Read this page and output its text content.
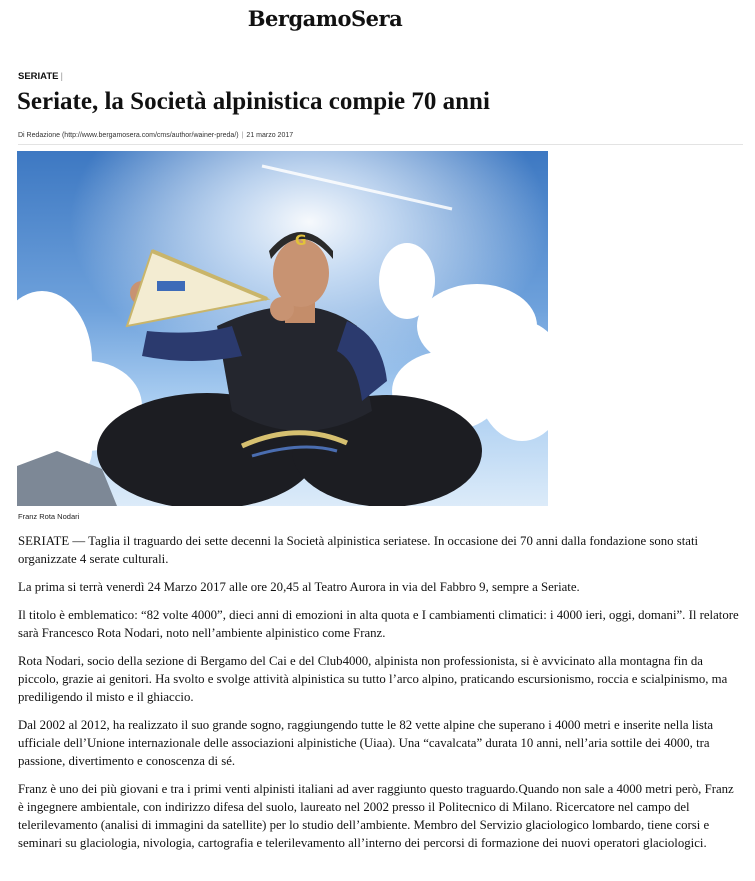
BergamoSera
SERIATE |
Seriate, la Società alpinistica compie 70 anni
Di Redazione (http://www.bergamosera.com/cms/author/wainer-preda/) | 21 marzo 2017
G
Franz Rota Nodari

SERIATE — Taglia il traguardo dei sette decenni la Società alpinistica seriatese. In occasione dei 70 anni dalla fondazione sono stati organizzate 4 serate culturali.

La prima si terrà venerdì 24 Marzo 2017 alle ore 20,45 al Teatro Aurora in via del Fabbro 9, sempre a Seriate.

Il titolo è emblematico: “82 volte 4000”, dieci anni di emozioni in alta quota e I cambiamenti climatici: i 4000 ieri, oggi, domani”. Il relatore sarà Francesco Rota Nodari, noto nell’ambiente alpinistico come Franz.

Rota Nodari, socio della sezione di Bergamo del Cai e del Club4000, alpinista non professionista, si è avvicinato alla montagna fin da piccolo, grazie ai genitori. Ha svolto e svolge attività alpinistica su tutto l’arco alpino, praticando escursionismo, roccia e scialpinismo, ma prediligendo il misto e il ghiaccio.

Dal 2002 al 2012, ha realizzato il suo grande sogno, raggiungendo tutte le 82 vette alpine che superano i 4000 metri e inserite nella lista ufficiale dell’Unione internazionale delle associazioni alpinistiche (Uiaa). Una “cavalcata” durata 10 anni, nell’aria sottile dei 4000, tra passione, divertimento e conoscenza di sé.

Franz è uno dei più giovani e tra i primi venti alpinisti italiani ad aver raggiunto questo traguardo.Quando non sale a 4000 metri però, Franz è ingegnere ambientale, con indirizzo difesa del suolo, laureato nel 2002 presso il Politecnico di Milano. Ricercatore nel campo del telerilevamento (analisi di immagini da satellite) per lo studio dell’ambiente. Membro del Servizio glaciologico lombardo, tiene corsi e seminari su glaciologia, nivologia, cartografia e telerilevamento all’interno dei percorsi di formazione dei nuovi operatori glaciologici.
